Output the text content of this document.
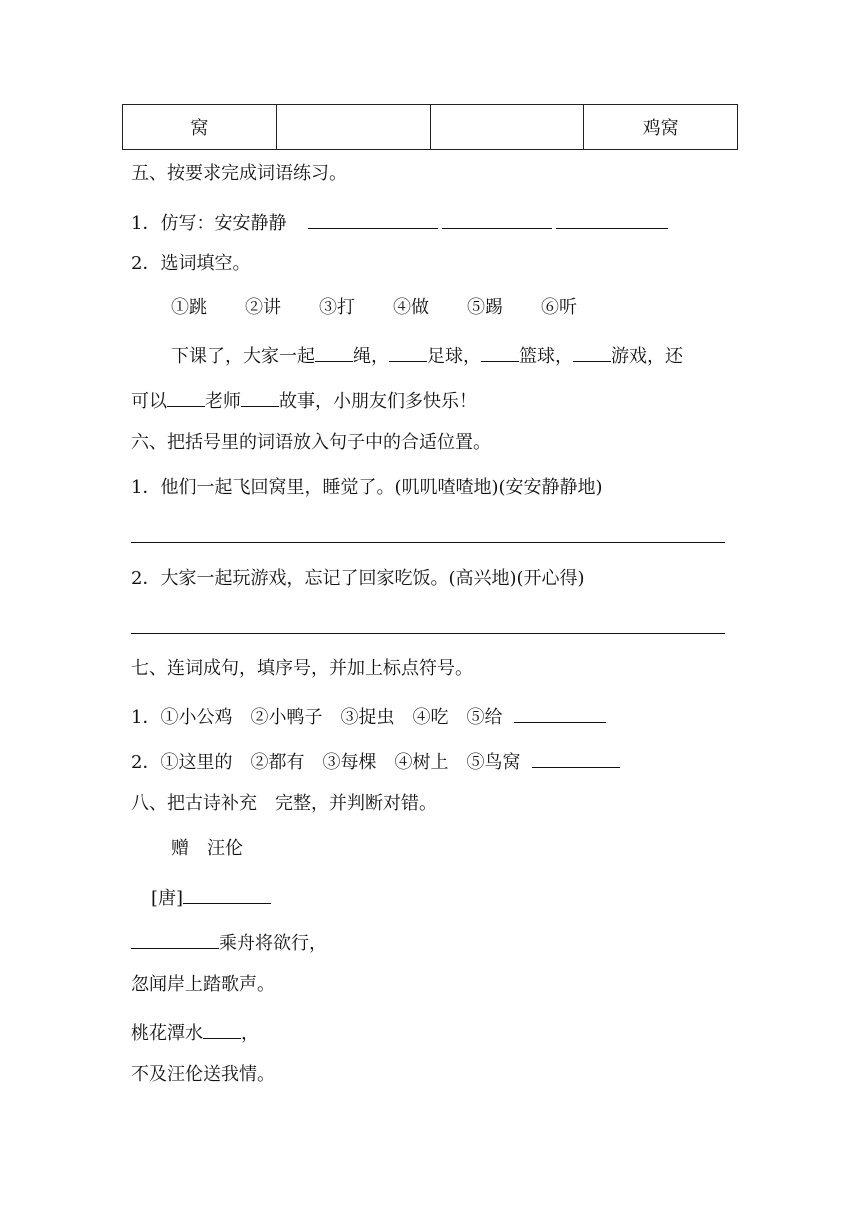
窝			鸡窝
五、按要求完成词语练习。
1．仿写：安安静静
2．选词填空。
①跳 ②讲 ③打 ④做 ⑤踢 ⑥听
下课了，大家一起 绳， 足球， 篮球， 游戏，还
可以 老师 故事，小朋友们多快乐！
六、把括号里的词语放入句子中的合适位置。
1．他们一起飞回窝里，睡觉了。(叽叽喳喳地)(安安静静地)
2．大家一起玩游戏，忘记了回家吃饭。(高兴地)(开心得)
七、连词成句，填序号，并加上标点符号。
1．①小公鸡　②小鸭子　③捉虫　④吃　⑤给
2．①这里的　②都有　③每棵　④树上　⑤鸟窝
八、把古诗补充　完整，并判断对错。
赠　汪伦
[唐]
乘舟将欲行，
忽闻岸上踏歌声。
桃花潭水 ，
不及汪伦送我情。
